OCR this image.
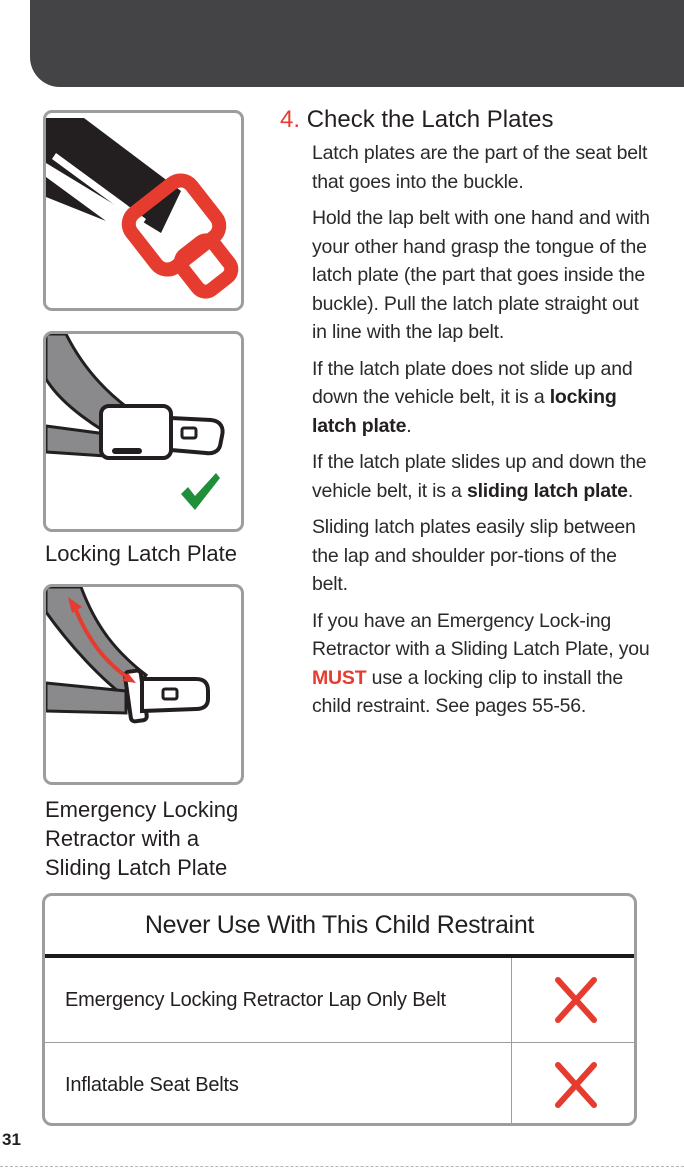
Locking Latch Plate
Emergency Locking
Retractor with a
Sliding Latch Plate
4. Check the Latch Plates

Latch plates are the part of the seat belt that goes into the buckle.

Hold the lap belt with one hand and with your other hand grasp the tongue of the latch plate (the part that goes inside the buckle). Pull the latch plate straight out in line with the lap belt.

If the latch plate does not slide up and down the vehicle belt, it is a locking latch plate.

If the latch plate slides up and down the vehicle belt, it is a sliding latch plate.

Sliding latch plates easily slip between the lap and shoulder por-tions of the belt.

If you have an Emergency Lock-ing Retractor with a Sliding Latch Plate, you MUST use a locking clip to install the child restraint. See pages 55-56.

Never Use With This Child Restraint
Emergency Locking Retractor Lap Only Belt
Inflatable Seat Belts
31
